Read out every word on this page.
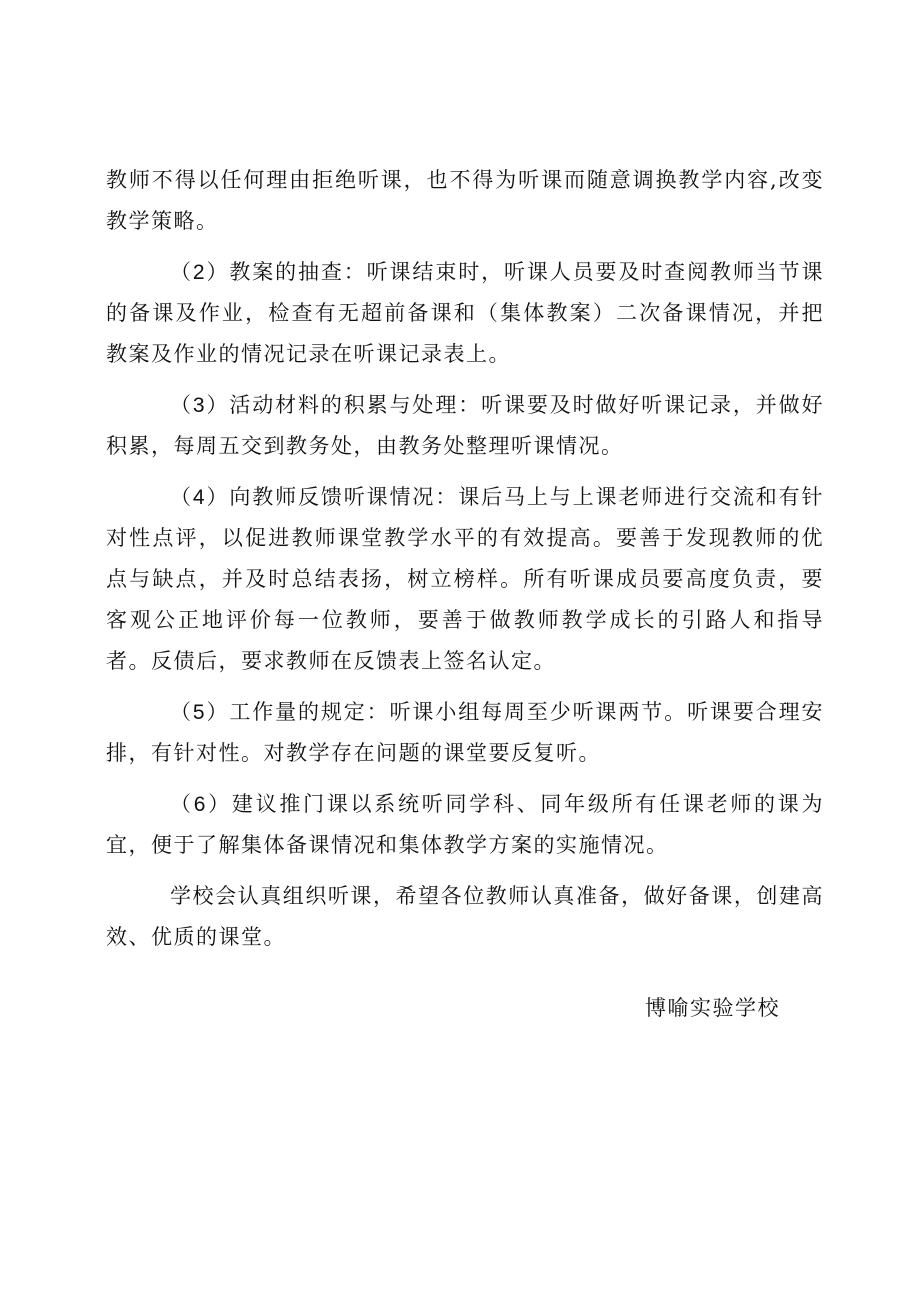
教师不得以任何理由拒绝听课，也不得为听课而随意调换教学内容,改变教学策略。

（2）教案的抽查：听课结束时，听课人员要及时查阅教师当节课的备课及作业，检查有无超前备课和（集体教案）二次备课情况，并把教案及作业的情况记录在听课记录表上。

（3）活动材料的积累与处理：听课要及时做好听课记录，并做好积累，每周五交到教务处，由教务处整理听课情况。

（4）向教师反馈听课情况：课后马上与上课老师进行交流和有针对性点评，以促进教师课堂教学水平的有效提高。要善于发现教师的优点与缺点，并及时总结表扬，树立榜样。所有听课成员要高度负责，要客观公正地评价每一位教师，要善于做教师教学成长的引路人和指导者。反债后，要求教师在反馈表上签名认定。

（5）工作量的规定：听课小组每周至少听课两节。听课要合理安排，有针对性。对教学存在问题的课堂要反复听。

（6）建议推门课以系统听同学科、同年级所有任课老师的课为宜，便于了解集体备课情况和集体教学方案的实施情况。

学校会认真组织听课，希望各位教师认真准备，做好备课，创建高效、优质的课堂。

博喻实验学校
